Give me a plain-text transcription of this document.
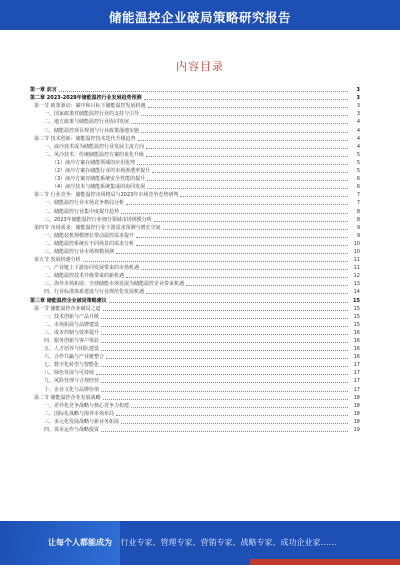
储能温控企业破局策略研究报告
内容目录
第一章 前言	3
第二章 2023-2028年储能温控行业发展趋势预测	3
第一节 政策驱动：碳中和目标下储能温控发展机遇	3
一、国家政策对储能温控行业的支持与引导	3
二、地方政策与储能温控行业协同发展	4
三、储能温控项目规划与行业政策落地实施	4
第二节 技术创新：储能温控技术迭代升级趋势	4
一、液冷技术成为储能温控行业发展主流方向	4
二、风冷技术：传统储能温控方案的优化升级	5
（1）液冷方案在储能领域的应用优势	5
（2）液冷方案在储能行业的市场渗透率提升	5
（3）液冷方案对储能系统安全性能的提升	6
（4）液冷技术与储能系统集成的协同发展	6
第三节 行业竞争：储能温控市场格局与2023年市场竞争态势研判	7
一、储能温控行业市场竞争格局分析	7
二、储能温控行业集中度提升趋势	8
三、2023年储能温控行业细分领域市场规模分析	8
第四节 市场需求：储能温控行业下游需求预测与增长空间	9
一、储能装机规模增长带动温控需求提升	9
二、储能温控系统在不同场景的需求分析	10
三、储能温控行业市场规模预测	10
第五节 发展机遇分析	11
一、产业链上下游协同发展带来的市场机遇	11
二、储能温控技术升级带来的新机遇	12
三、海外市场拓展：全球储能市场发展为储能温控企业带来机遇	13
四、行业标准体系建设与行业规范化发展机遇	14
第三章 储能温控企业破局策略建议	15
第一节 储能温控企业破局之道	15
一、技术创新与产品升级	15
二、市场拓展与品牌建设	15
三、成本控制与效率提升	16
四、服务创新与客户体验	16
五、人才培养与团队建设	16
六、合作共赢与产业链整合	16
七、数字化转型与智能化	17
八、绿色发展与可持续	17
九、风险管理与合规经营	17
十、企业文化与品牌价值	17
第二节 储能温控企业发展战略	18
一、差异化竞争战略与核心竞争力构建	18
二、国际化战略与海外市场布局	18
三、多元化发展战略与新业务拓展	18
四、资本运作与战略投资	19
让每个人都能成为 行业专家、管理专家、营销专家、战略专家、成功企业家……
